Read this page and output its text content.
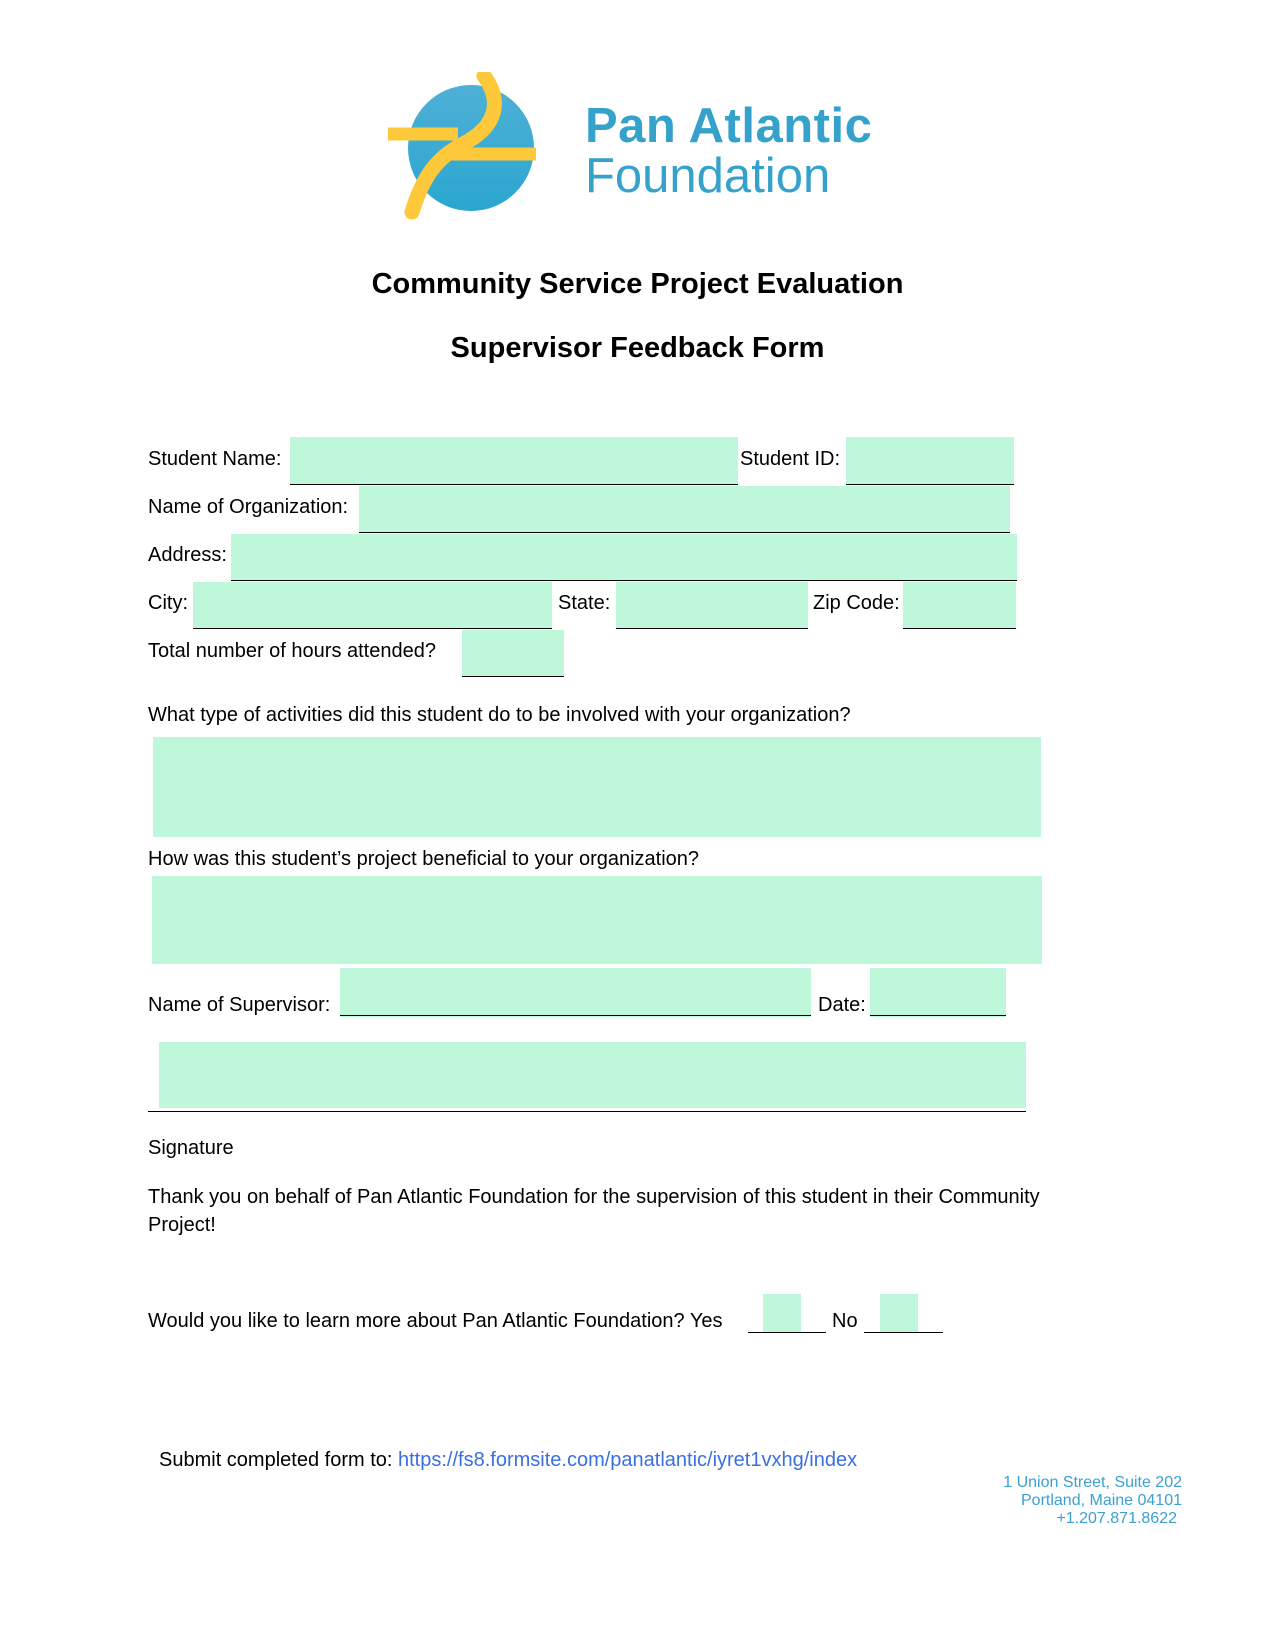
Pan Atlantic
Foundation
Community Service Project Evaluation
Supervisor Feedback Form
Student Name:	Student ID:
Name of Organization:
Address:
City:	State:	Zip Code:
Total number of hours attended?
What type of activities did this student do to be involved with your organization?
How was this student’s project beneficial to your organization?
Name of Supervisor:	Date:
Signature
Thank you on behalf of Pan Atlantic Foundation for the supervision of this student in their Community
Project!
Would you like to learn more about Pan Atlantic Foundation? Yes	No
Submit completed form to: https://fs8.formsite.com/panatlantic/iyret1vxhg/index
1 Union Street, Suite 202
Portland, Maine 04101
+1.207.871.8622
